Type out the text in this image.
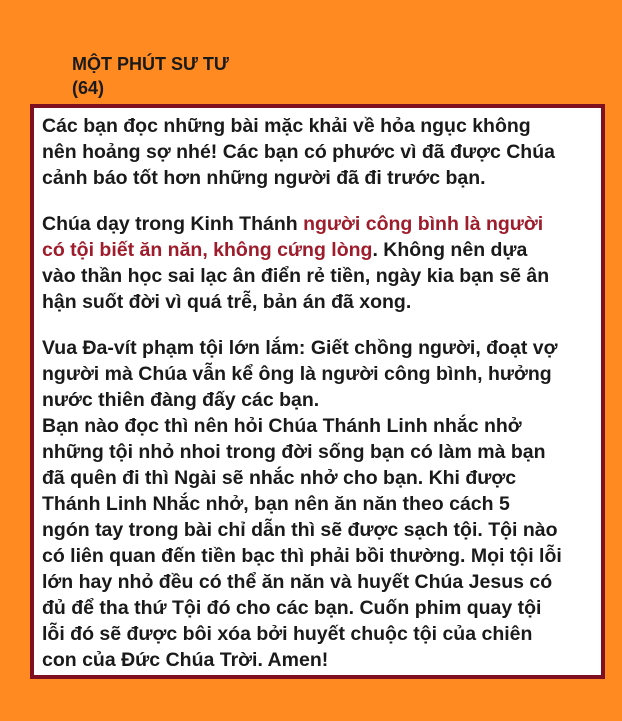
MỘT PHÚT SƯ TƯ
(64)
Các bạn đọc những bài mặc khải về hỏa ngục không
nên hoảng sợ nhé! Các bạn có phước vì đã được Chúa
cảnh báo tốt hơn những người đã đi trước bạn.
Chúa dạy trong Kinh Thánh người công bình là người
có tội biết ăn năn, không cứng lòng. Không nên dựa
vào thần học sai lạc ân điển rẻ tiền, ngày kia bạn sẽ ân
hận suốt đời vì quá trễ, bản án đã xong.
Vua Đa-vít phạm tội lớn lắm: Giết chồng người, đoạt vợ
người mà Chúa vẫn kể ông là người công bình, hưởng
nước thiên đàng đấy các bạn.
Bạn nào đọc thì nên hỏi Chúa Thánh Linh nhắc nhở
những tội nhỏ nhoi trong đời sống bạn có làm mà bạn
đã quên đi thì Ngài sẽ nhắc nhở cho bạn. Khi được
Thánh Linh Nhắc nhở, bạn nên ăn năn theo cách 5
ngón tay trong bài chỉ dẫn thì sẽ được sạch tội. Tội nào
có liên quan đến tiền bạc thì phải bồi thường. Mọi tội lỗi
lớn hay nhỏ đều có thể ăn năn và huyết Chúa Jesus có
đủ để tha thứ Tội đó cho các bạn. Cuốn phim quay tội
lỗi đó sẽ được bôi xóa bởi huyết chuộc tội của chiên
con của Đức Chúa Trời. Amen!
